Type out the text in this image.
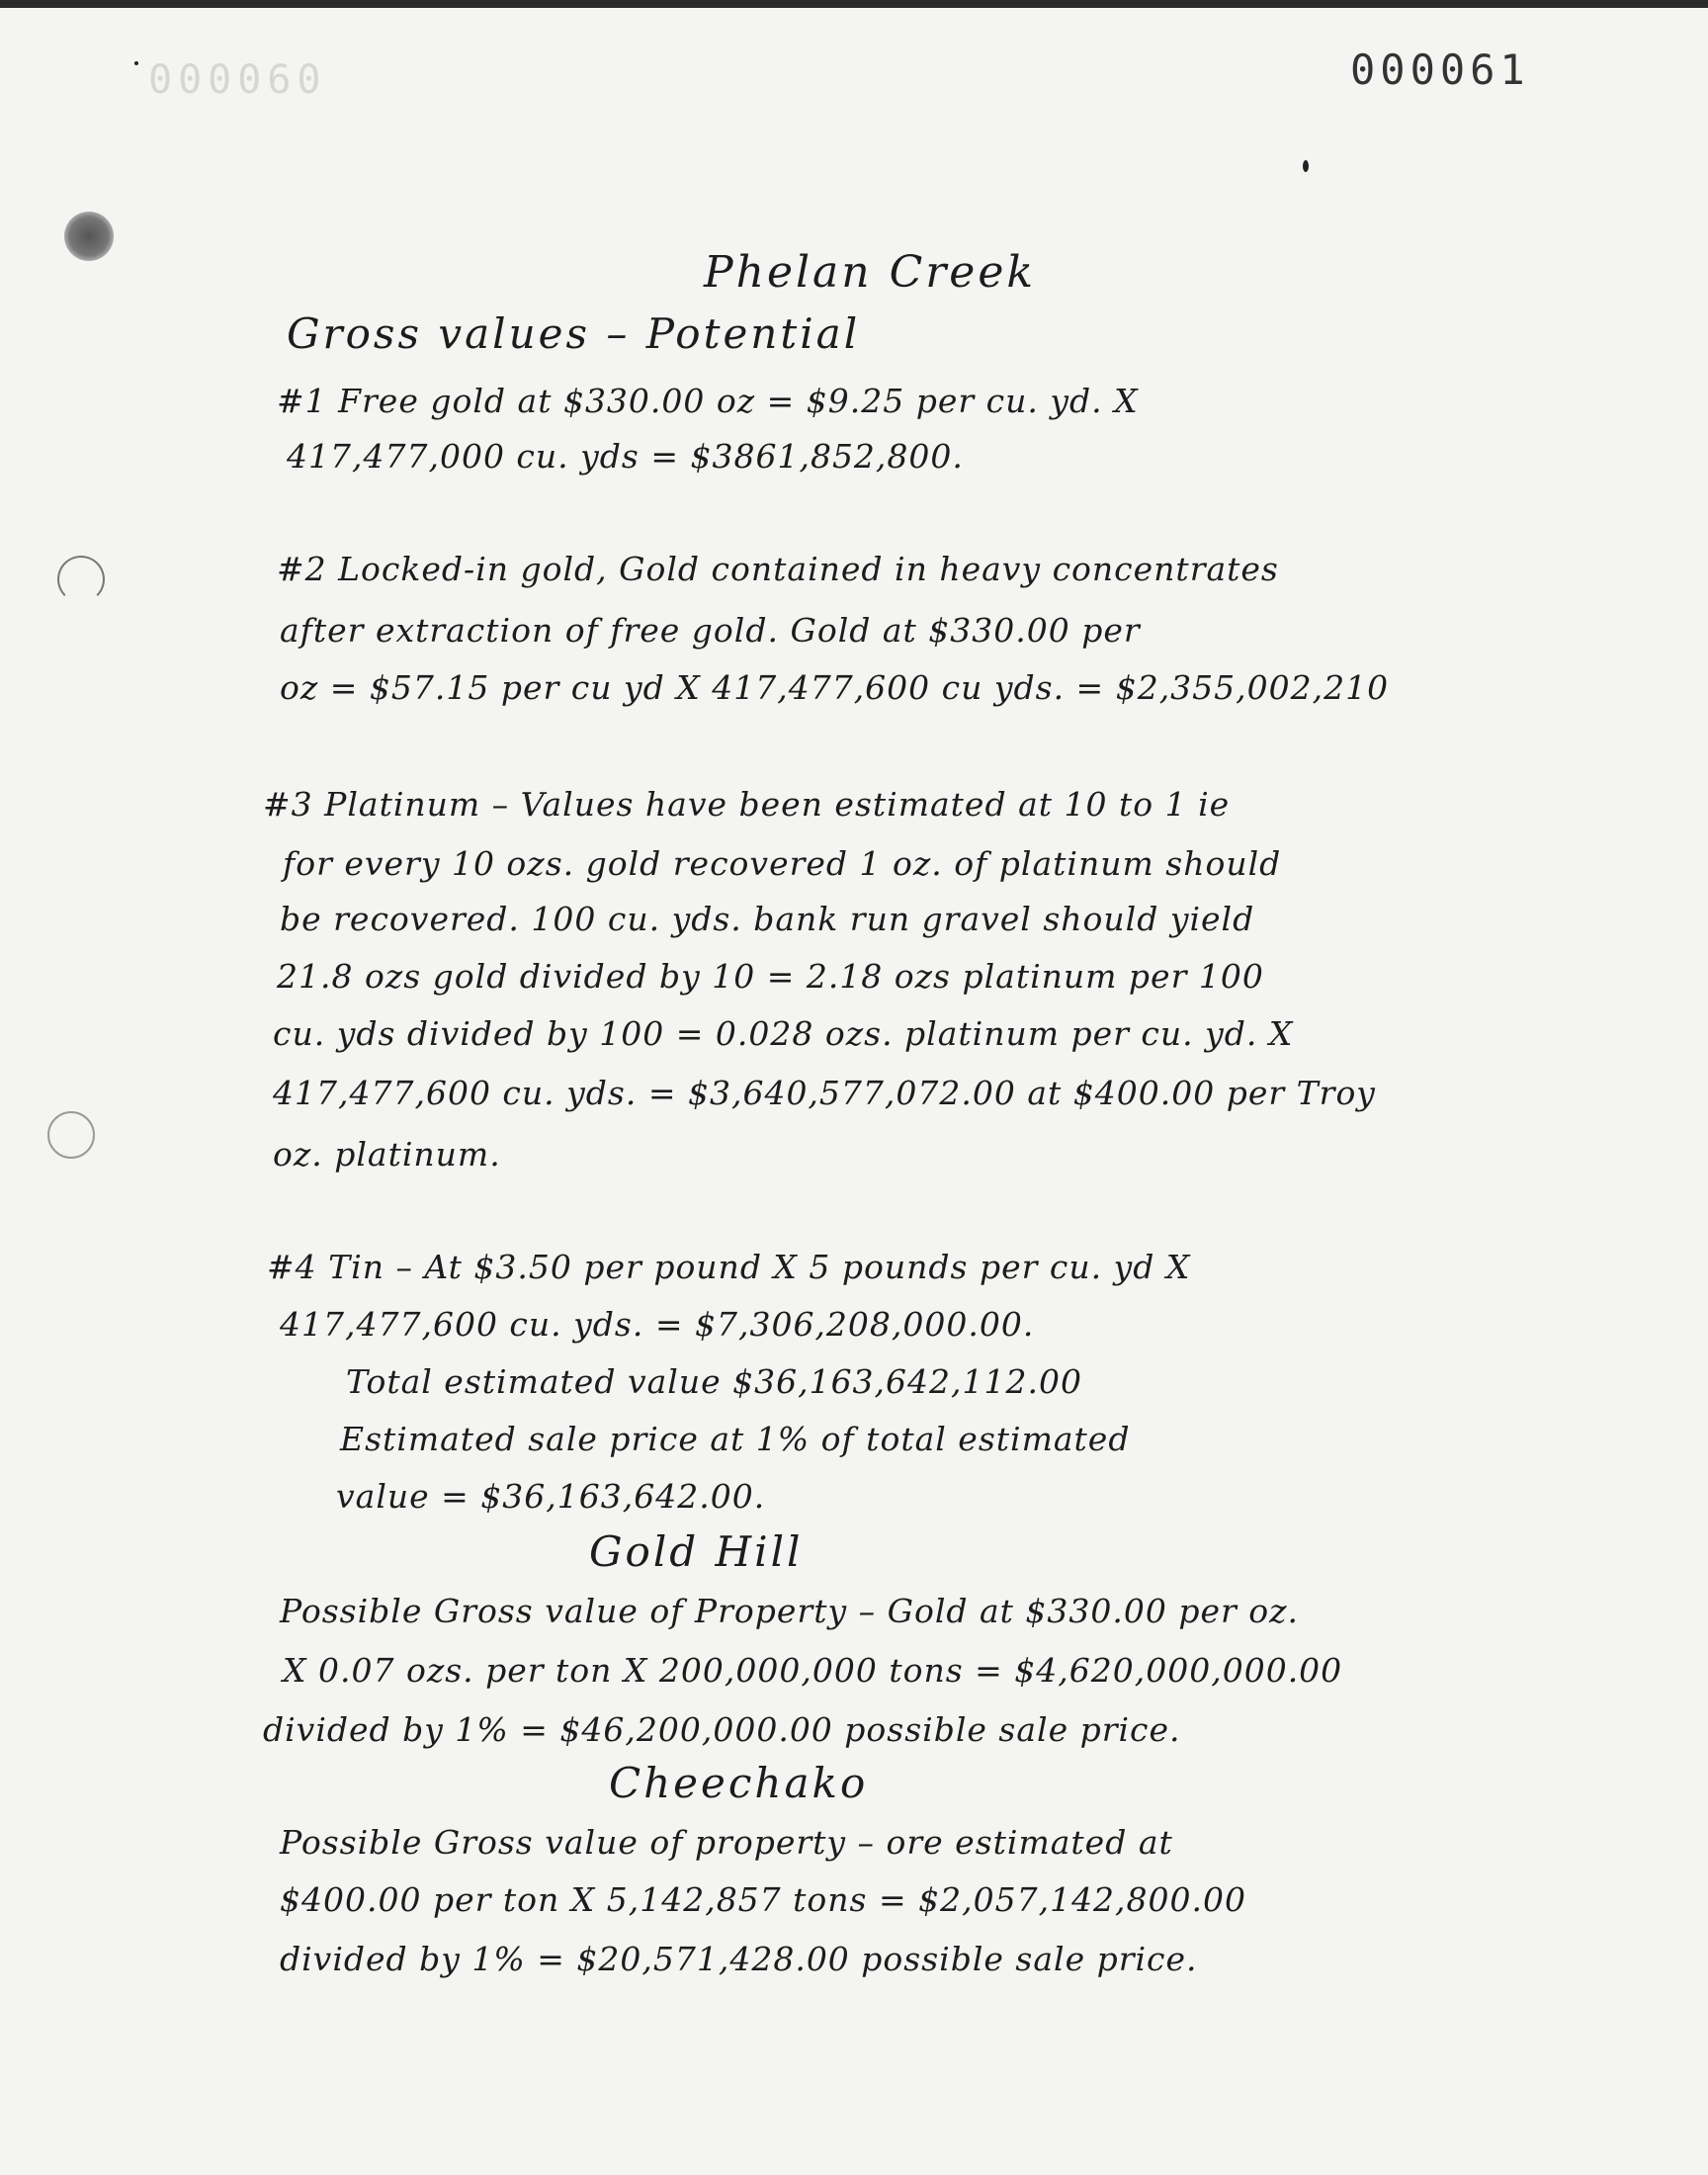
000060	000061
Phelan Creek
Gross values – Potential
#1 Free gold at $330.00 oz = $9.25 per cu. yd. X
417,477,000 cu. yds = $3861,852,800.
#2 Locked-in gold, Gold contained in heavy concentrates
after extraction of free gold. Gold at $330.00 per
oz = $57.15 per cu yd X 417,477,600 cu yds. = $2,355,002,210
#3 Platinum – Values have been estimated at 10 to 1 ie
for every 10 ozs. gold recovered 1 oz. of platinum should
be recovered. 100 cu. yds. bank run gravel should yield
21.8 ozs gold divided by 10 = 2.18 ozs platinum per 100
cu. yds divided by 100 = 0.028 ozs. platinum per cu. yd. X
417,477,600 cu. yds. = $3,640,577,072.00 at $400.00 per Troy
oz. platinum.
#4 Tin – At $3.50 per pound X 5 pounds per cu. yd X
417,477,600 cu. yds. = $7,306,208,000.00.
Total estimated value $36,163,642,112.00
Estimated sale price at 1% of total estimated
value = $36,163,642.00.
Gold Hill
Possible Gross value of Property – Gold at $330.00 per oz.
X 0.07 ozs. per ton X 200,000,000 tons = $4,620,000,000.00
divided by 1% = $46,200,000.00 possible sale price.
Cheechako
Possible Gross value of property – ore estimated at
$400.00 per ton X 5,142,857 tons = $2,057,142,800.00
divided by 1% = $20,571,428.00 possible sale price.
